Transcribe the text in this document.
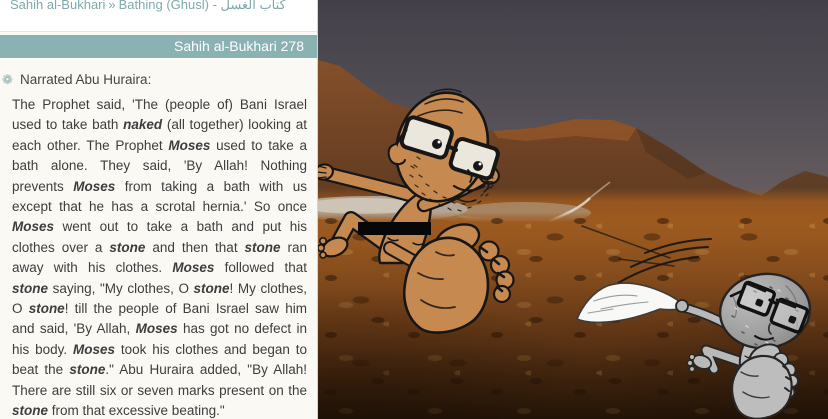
Sahih al-Bukhari » Bathing (Ghusl) - كتاب الغسل
Sahih al-Bukhari 278
❁ Narrated Abu Huraira:

The Prophet said, 'The (people of) Bani Israel used to take bath naked (all together) looking at each other. The Prophet Moses used to take a bath alone. They said, 'By Allah! Nothing prevents Moses from taking a bath with us except that he has a scrotal hernia.' So once Moses went out to take a bath and put his clothes over a stone and then that stone ran away with his clothes. Moses followed that stone saying, "My clothes, O stone! My clothes, O stone! till the people of Bani Israel saw him and said, 'By Allah, Moses has got no defect in his body. Moses took his clothes and began to beat the stone." Abu Huraira added, "By Allah! There are still six or seven marks present on the stone from that excessive beating."
